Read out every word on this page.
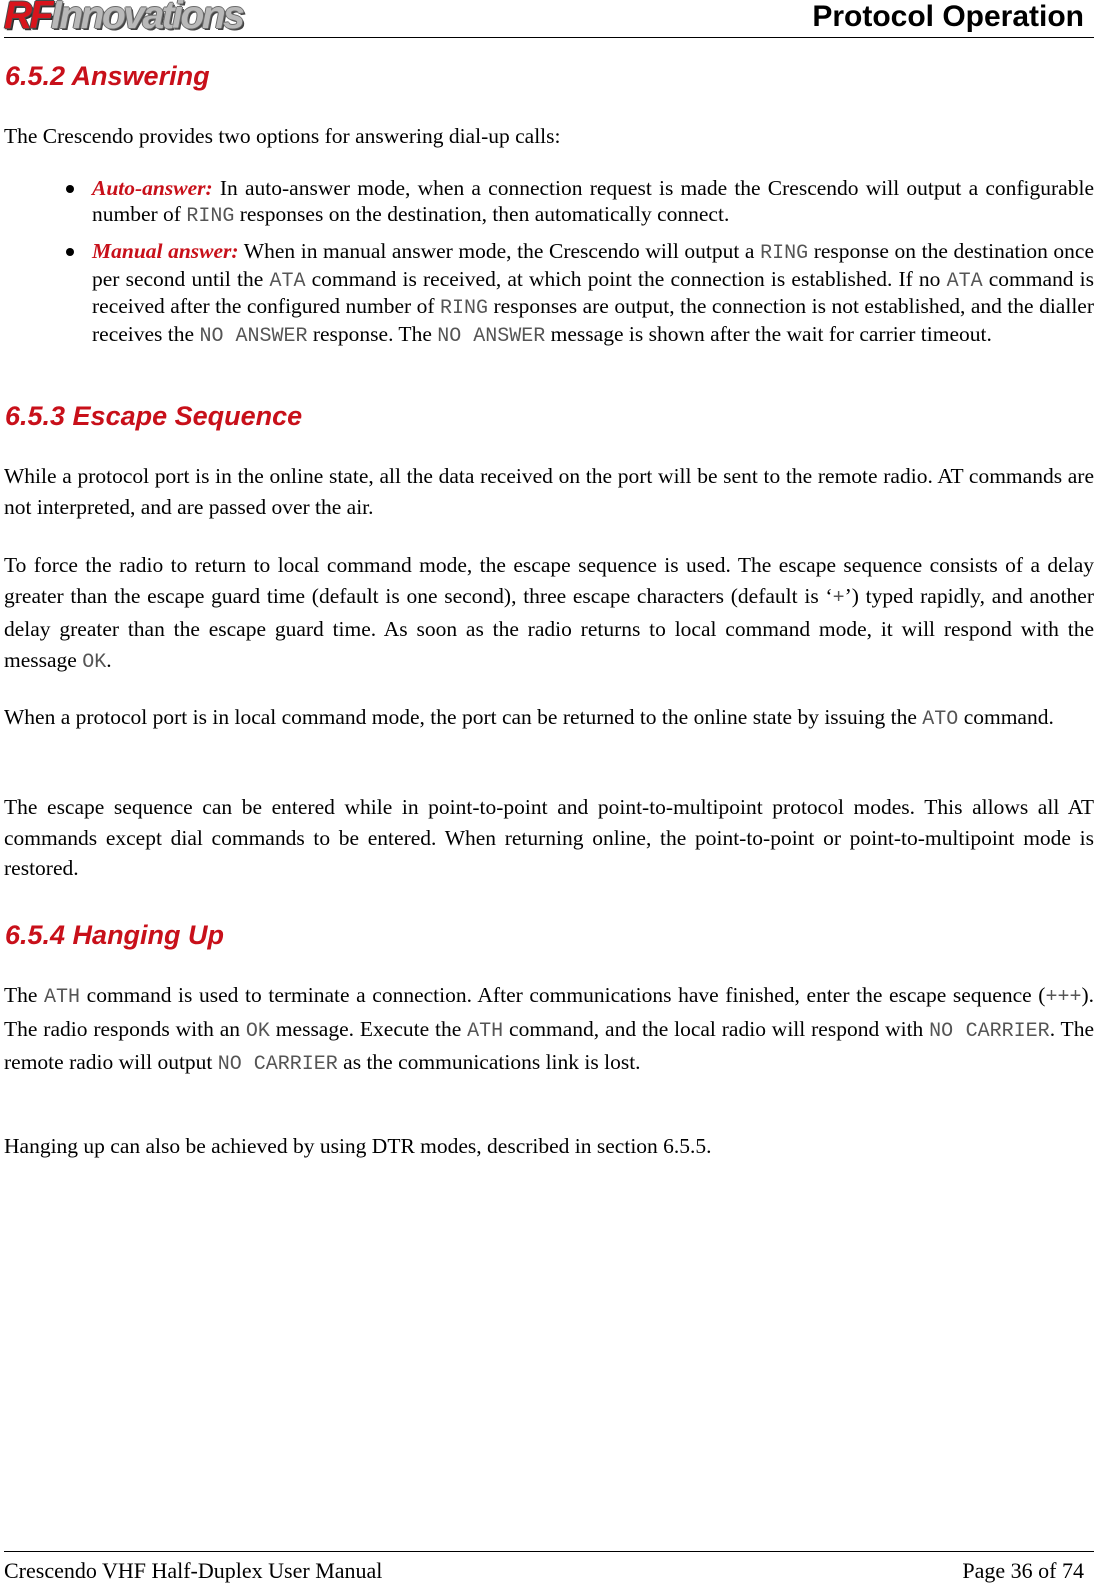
RFInnovations	Protocol Operation
6.5.2 Answering

The Crescendo provides two options for answering dial-up calls:

Auto-answer: In auto-answer mode, when a connection request is made the Crescendo will output a configurable number of RING responses on the destination, then automatically connect.
Manual answer: When in manual answer mode, the Crescendo will output a RING response on the destination once per second until the ATA command is received, at which point the connection is established. If no ATA command is received after the configured number of RING responses are output, the connection is not established, and the dialler receives the NO ANSWER response. The NO ANSWER message is shown after the wait for carrier timeout.
6.5.3 Escape Sequence

While a protocol port is in the online state, all the data received on the port will be sent to the remote radio. AT commands are not interpreted, and are passed over the air.

To force the radio to return to local command mode, the escape sequence is used. The escape sequence consists of a delay greater than the escape guard time (default is one second), three escape characters (default is ‘+’) typed rapidly, and another delay greater than the escape guard time. As soon as the radio returns to local command mode, it will respond with the message OK.

When a protocol port is in local command mode, the port can be returned to the online state by issuing the ATO command.

The escape sequence can be entered while in point-to-point and point-to-multipoint protocol modes. This allows all AT commands except dial commands to be entered. When returning online, the point-to-point or point-to-multipoint mode is restored.

6.5.4 Hanging Up

The ATH command is used to terminate a connection. After communications have finished, enter the escape sequence (+++). The radio responds with an OK message. Execute the ATH command, and the local radio will respond with NO CARRIER. The remote radio will output NO CARRIER as the communications link is lost.

Hanging up can also be achieved by using DTR modes, described in section 6.5.5.

Crescendo VHF Half-Duplex User Manual	Page 36 of 74
